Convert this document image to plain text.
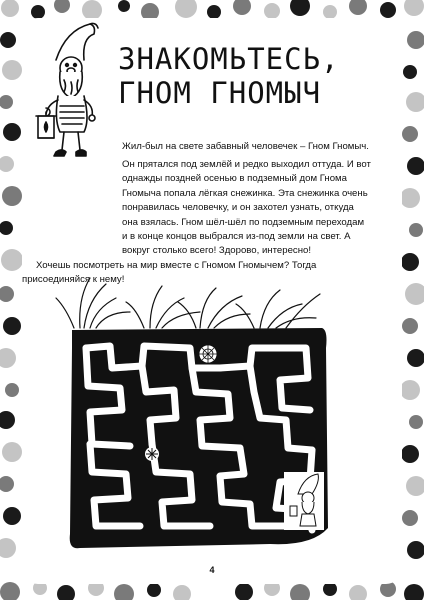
ЗНАКОМЬТЕСЬ,
ГНОМ ГНОМЫЧ
Жил-был на свете забавный человечек – Гном Гномыч.
Он прятался под землёй и редко выходил оттуда. И вот однажды поздней осенью в подземный дом Гнома Гномыча попала лёгкая снежинка. Эта снежинка очень понравилась человечку, и он захотел узнать, откуда она взялась. Гном шёл-шёл по подземным переходам и в конце концов выбрался из-под земли на свет. А вокруг столько всего! Здорово, интересно!
Хочешь посмотреть на мир вместе с Гномом Гномычем? Тогда присоединяйся к нему!
4
